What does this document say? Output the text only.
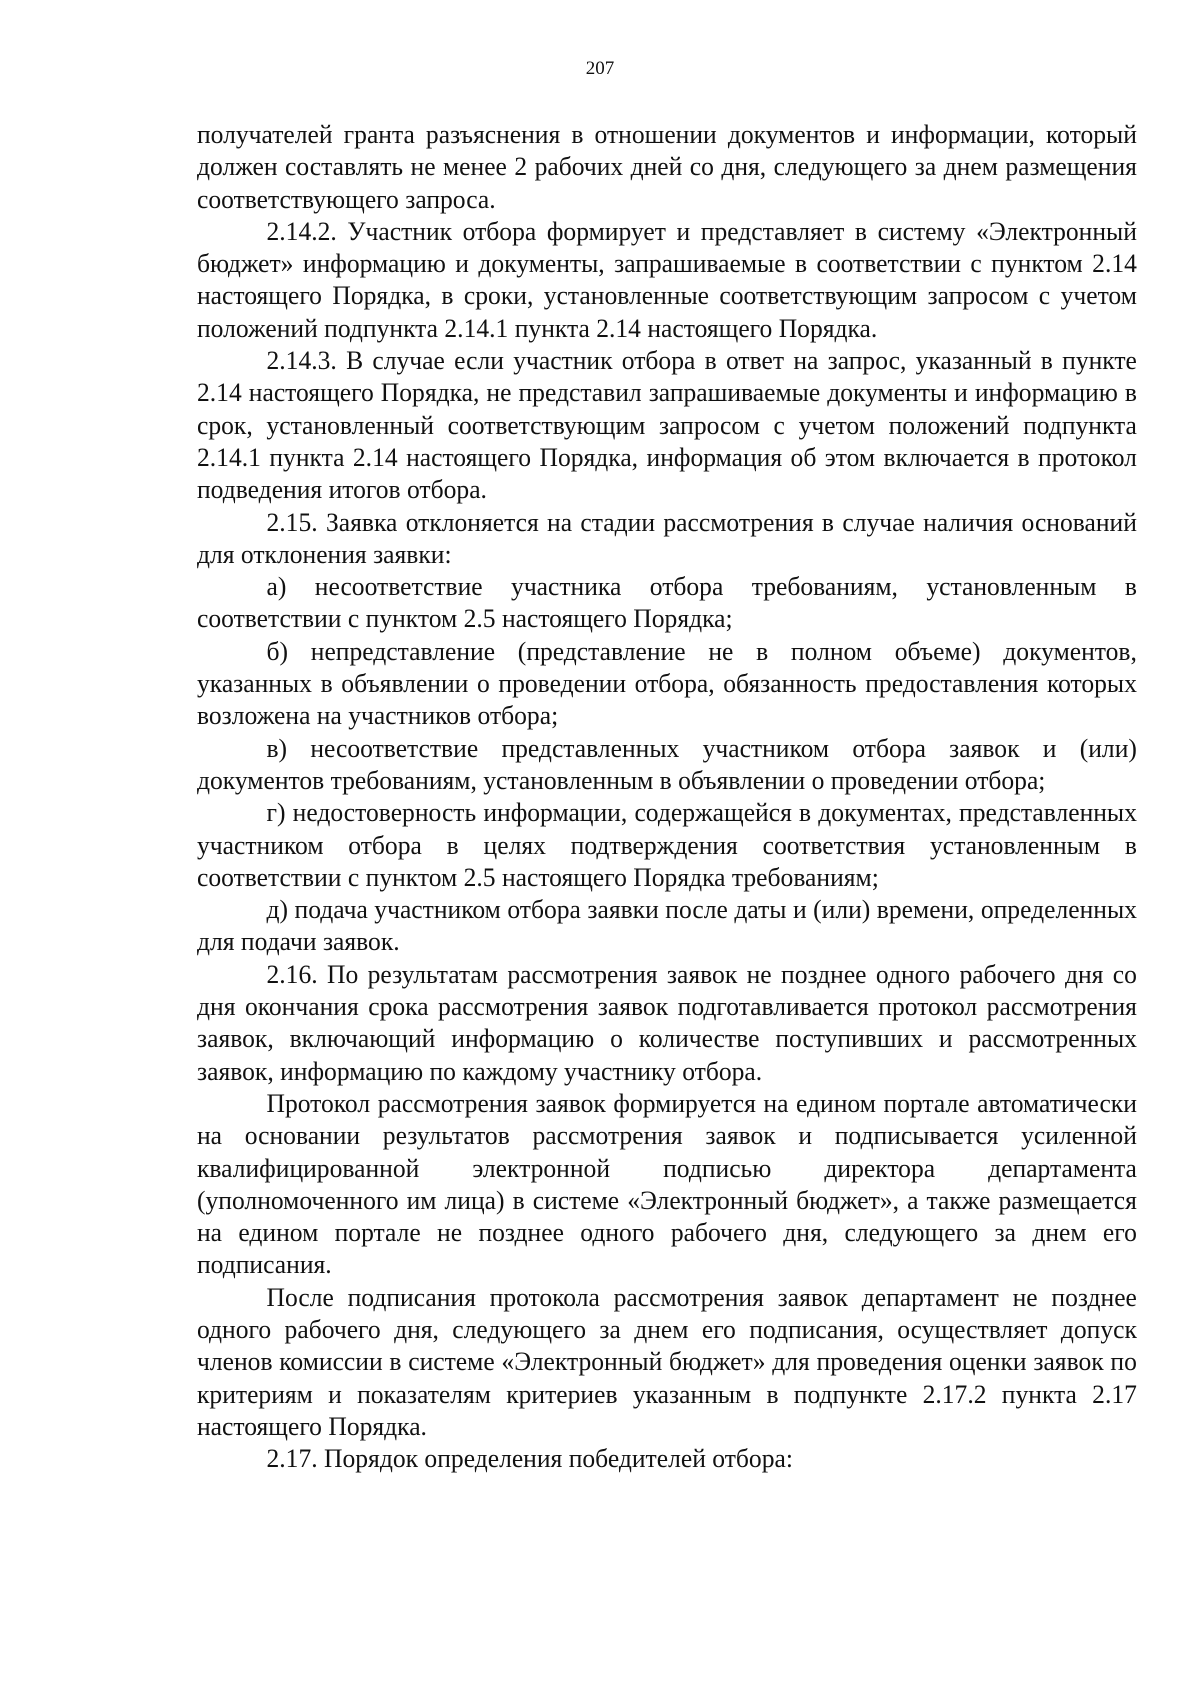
207

получателей гранта разъяснения в отношении документов и информации, который должен составлять не менее 2 рабочих дней со дня, следующего за днем размещения соответствующего запроса.

2.14.2. Участник отбора формирует и представляет в систему «Электронный бюджет» информацию и документы, запрашиваемые в соответствии с пунктом 2.14 настоящего Порядка, в сроки, установленные соответствующим запросом с учетом положений подпункта 2.14.1 пункта 2.14 настоящего Порядка.

2.14.3. В случае если участник отбора в ответ на запрос, указанный в пункте 2.14 настоящего Порядка, не представил запрашиваемые документы и информацию в срок, установленный соответствующим запросом с учетом положений подпункта 2.14.1 пункта 2.14 настоящего Порядка, информация об этом включается в протокол подведения итогов отбора.

2.15. Заявка отклоняется на стадии рассмотрения в случае наличия оснований для отклонения заявки:

а) несоответствие участника отбора требованиям, установленным в соответствии с пунктом 2.5 настоящего Порядка;

б) непредставление (представление не в полном объеме) документов, указанных в объявлении о проведении отбора, обязанность предоставления которых возложена на участников отбора;

в) несоответствие представленных участником отбора заявок и (или) документов требованиям, установленным в объявлении о проведении отбора;

г) недостоверность информации, содержащейся в документах, представленных участником отбора в целях подтверждения соответствия установленным в соответствии с пунктом 2.5 настоящего Порядка требованиям;

д) подача участником отбора заявки после даты и (или) времени, определенных для подачи заявок.

2.16. По результатам рассмотрения заявок не позднее одного рабочего дня со дня окончания срока рассмотрения заявок подготавливается протокол рассмотрения заявок, включающий информацию о количестве поступивших и рассмотренных заявок, информацию по каждому участнику отбора.

Протокол рассмотрения заявок формируется на едином портале автоматически на основании результатов рассмотрения заявок и подписывается усиленной квалифицированной электронной подписью директора департамента (уполномоченного им лица) в системе «Электронный бюджет», а также размещается на едином портале не позднее одного рабочего дня, следующего за днем его подписания.

После подписания протокола рассмотрения заявок департамент не позднее одного рабочего дня, следующего за днем его подписания, осуществляет допуск членов комиссии в системе «Электронный бюджет» для проведения оценки заявок по критериям и показателям критериев указанным в подпункте 2.17.2 пункта 2.17 настоящего Порядка.

2.17. Порядок определения победителей отбора:
